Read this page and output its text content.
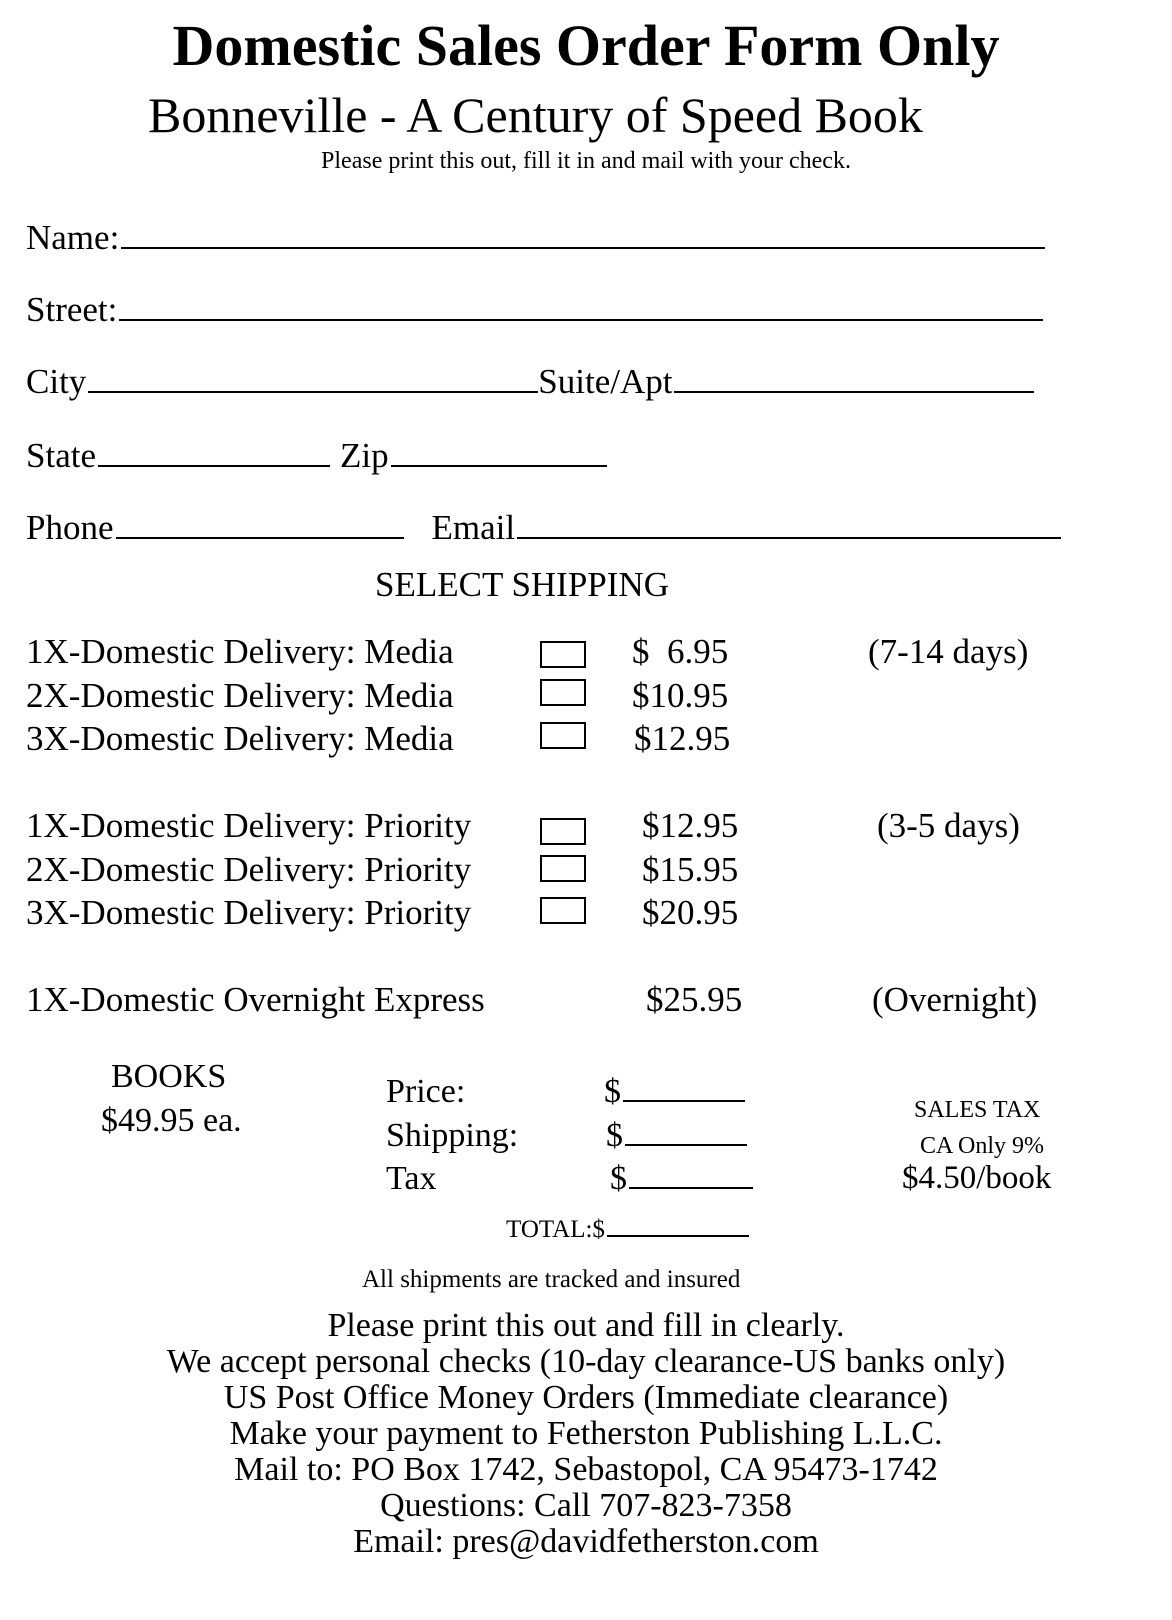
Domestic Sales Order Form Only
Bonneville - A Century of Speed Book
Please print this out, fill it in and mail with your check.
Name:
Street:
City	Suite/Apt
State	Zip
Phone	Email
SELECT SHIPPING
1X-Domestic Delivery: Media	$  6.95	(7-14 days)
2X-Domestic Delivery: Media	$10.95
3X-Domestic Delivery: Media	$12.95
1X-Domestic Delivery: Priority	$12.95	(3-5 days)
2X-Domestic Delivery: Priority	$15.95
3X-Domestic Delivery: Priority	$20.95
1X-Domestic Overnight Express	$25.95	(Overnight)
BOOKS
$49.95 ea.
Price:	$
Shipping:	$
Tax	$
TOTAL:$
SALES TAX
CA Only 9%
$4.50/book
All shipments are tracked and insured
Please print this out and fill in clearly.
We accept personal checks (10-day clearance-US banks only)
US Post Office Money Orders (Immediate clearance)
Make your payment to Fetherston Publishing L.L.C.
Mail to: PO Box 1742, Sebastopol, CA 95473-1742
Questions: Call 707-823-7358
Email: pres@davidfetherston.com
